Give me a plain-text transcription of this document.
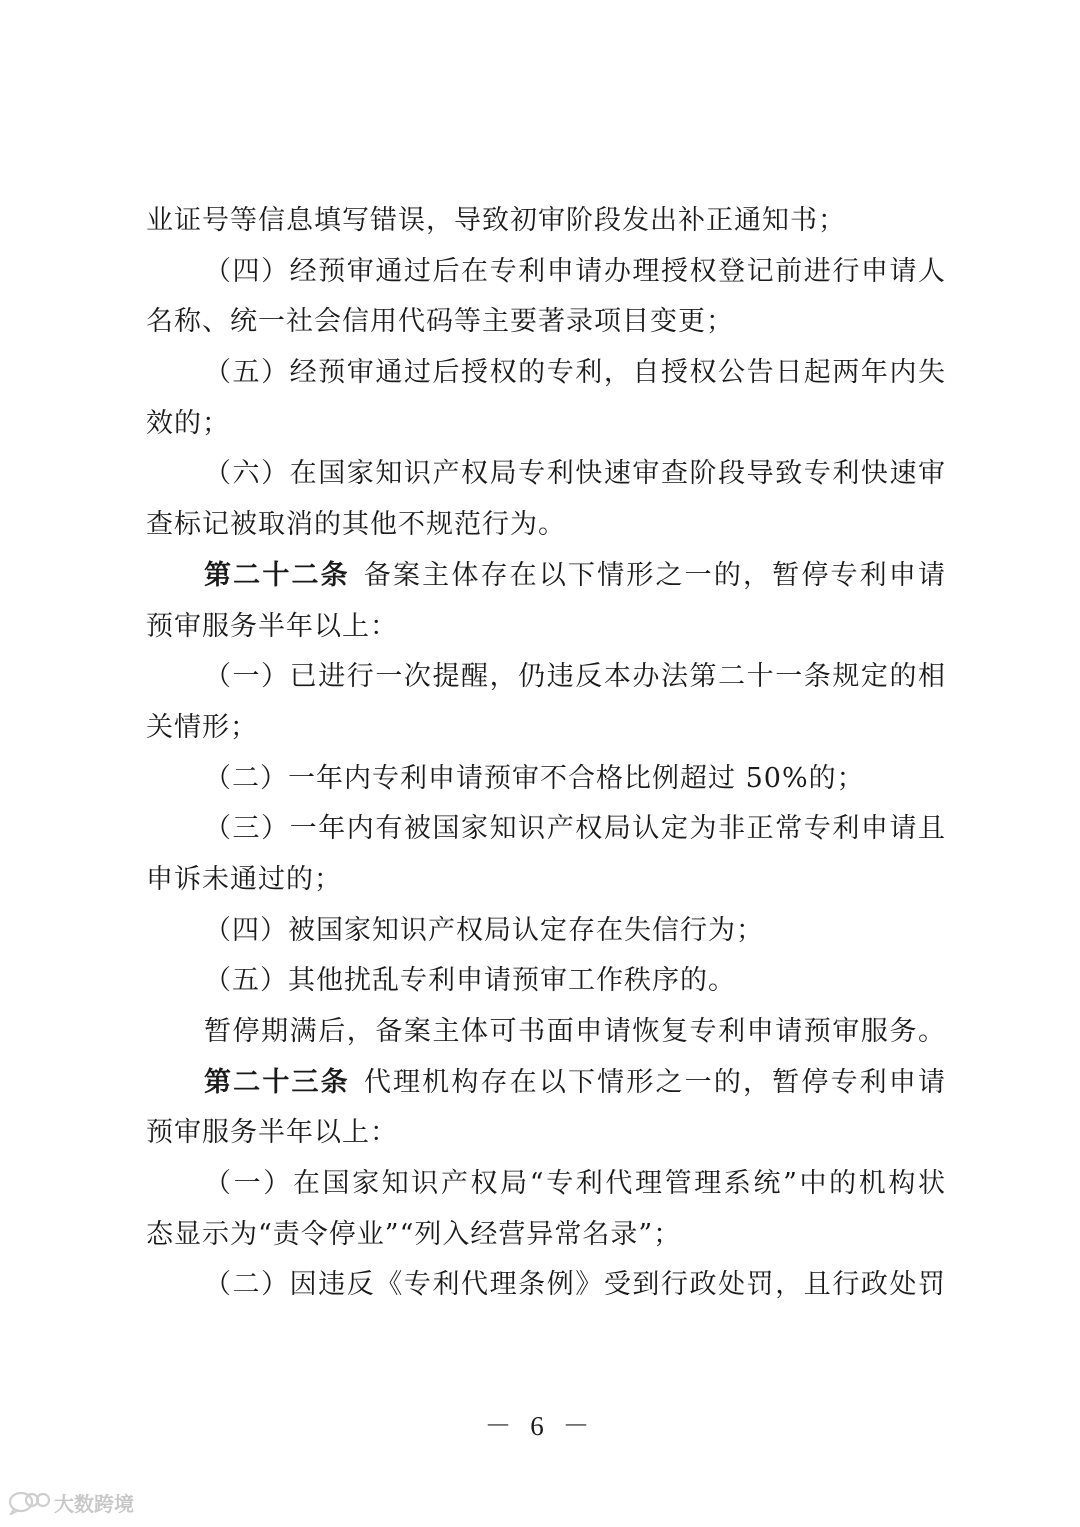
业证号等信息填写错误，导致初审阶段发出补正通知书；
（四）经预审通过后在专利申请办理授权登记前进行申请人
名称、统一社会信用代码等主要著录项目变更；
（五）经预审通过后授权的专利，自授权公告日起两年内失
效的；
（六）在国家知识产权局专利快速审查阶段导致专利快速审
查标记被取消的其他不规范行为。
第二十二条 备案主体存在以下情形之一的，暂停专利申请
预审服务半年以上：
（一）已进行一次提醒，仍违反本办法第二十一条规定的相
关情形；
（二）一年内专利申请预审不合格比例超过 50%的；
（三）一年内有被国家知识产权局认定为非正常专利申请且
申诉未通过的；
（四）被国家知识产权局认定存在失信行为；
（五）其他扰乱专利申请预审工作秩序的。
暂停期满后，备案主体可书面申请恢复专利申请预审服务。
第二十三条 代理机构存在以下情形之一的，暂停专利申请
预审服务半年以上：
（一）在国家知识产权局“专利代理管理系统”中的机构状
态显示为“责令停业”“列入经营异常名录”；
（二）因违反《专利代理条例》受到行政处罚，且行政处罚
－ 6 －
大数跨境
